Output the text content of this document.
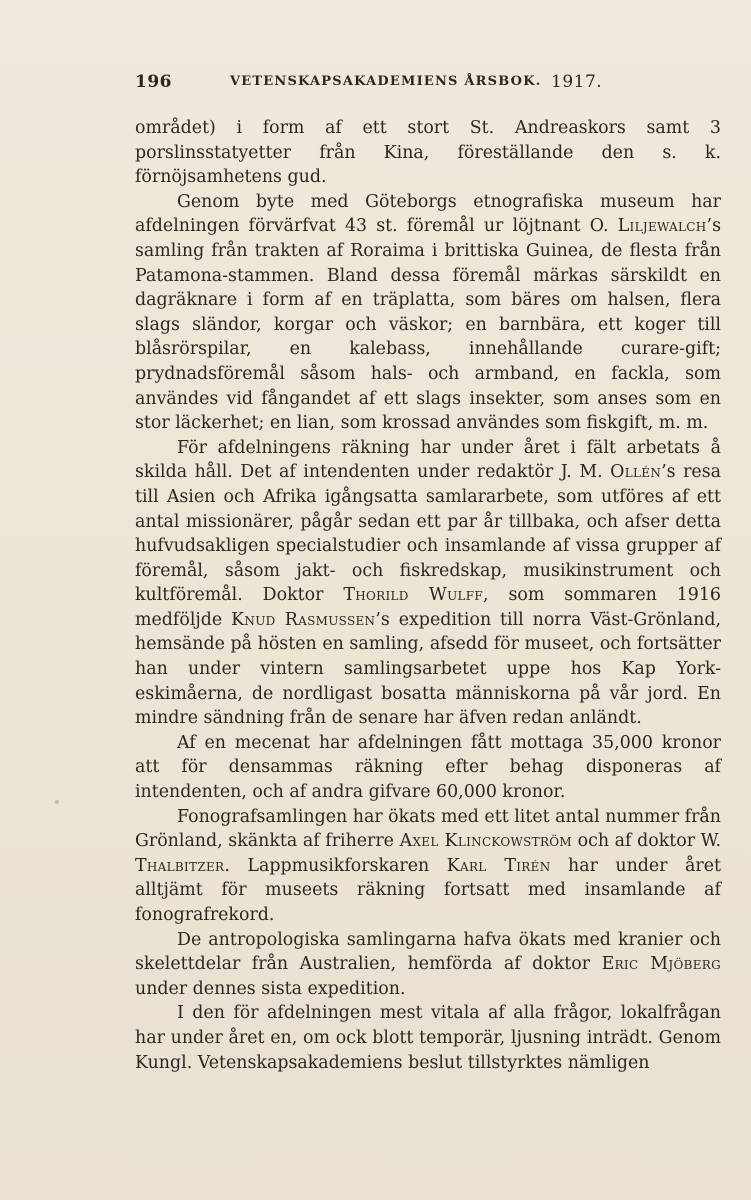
196	VETENSKAPSAKADEMIENS ÅRSBOK. 1917.

området) i form af ett stort St. Andreaskors samt 3 porslinsstatyetter från Kina, föreställande den s. k. förnöjsamhetens gud.

Genom byte med Göteborgs etnografiska museum har afdelningen förvärfvat 43 st. föremål ur löjtnant O. Liljewalch’s samling från trakten af Roraima i brittiska Guinea, de flesta från Patamona-stammen. Bland dessa föremål märkas särskildt en dagräknare i form af en träplatta, som bäres om halsen, flera slags sländor, korgar och väskor; en barnbära, ett koger till blåsrörspilar, en kalebass, innehållande curare-gift; prydnadsföremål såsom hals- och armband, en fackla, som användes vid fångandet af ett slags insekter, som anses som en stor läckerhet; en lian, som krossad användes som fiskgift, m. m.

För afdelningens räkning har under året i fält arbetats å skilda håll. Det af intendenten under redaktör J. M. Ollén’s resa till Asien och Afrika igångsatta samlararbete, som utföres af ett antal missionärer, pågår sedan ett par år tillbaka, och afser detta hufvudsakligen specialstudier och insamlande af vissa grupper af föremål, såsom jakt- och fiskredskap, musikinstrument och kultföremål. Doktor Thorild Wulff, som sommaren 1916 medföljde Knud Rasmussen’s expedition till norra Väst-Grönland, hemsände på hösten en samling, afsedd för museet, och fortsätter han under vintern samlingsarbetet uppe hos Kap York-eskimåerna, de nordligast bosatta människorna på vår jord. En mindre sändning från de senare har äfven redan anländt.

Af en mecenat har afdelningen fått mottaga 35,000 kronor att för densammas räkning efter behag disponeras af intendenten, och af andra gifvare 60,000 kronor.

Fonografsamlingen har ökats med ett litet antal nummer från Grönland, skänkta af friherre Axel Klinckowström och af doktor W. Thalbitzer. Lappmusikforskaren Karl Tirén har under året alltjämt för museets räkning fortsatt med insamlande af fonografrekord.

De antropologiska samlingarna hafva ökats med kranier och skelettdelar från Australien, hemförda af doktor Eric Mjöberg under dennes sista expedition.

I den för afdelningen mest vitala af alla frågor, lokalfrågan har under året en, om ock blott temporär, ljusning inträdt. Genom Kungl. Vetenskapsakademiens beslut tillstyrktes nämligen
